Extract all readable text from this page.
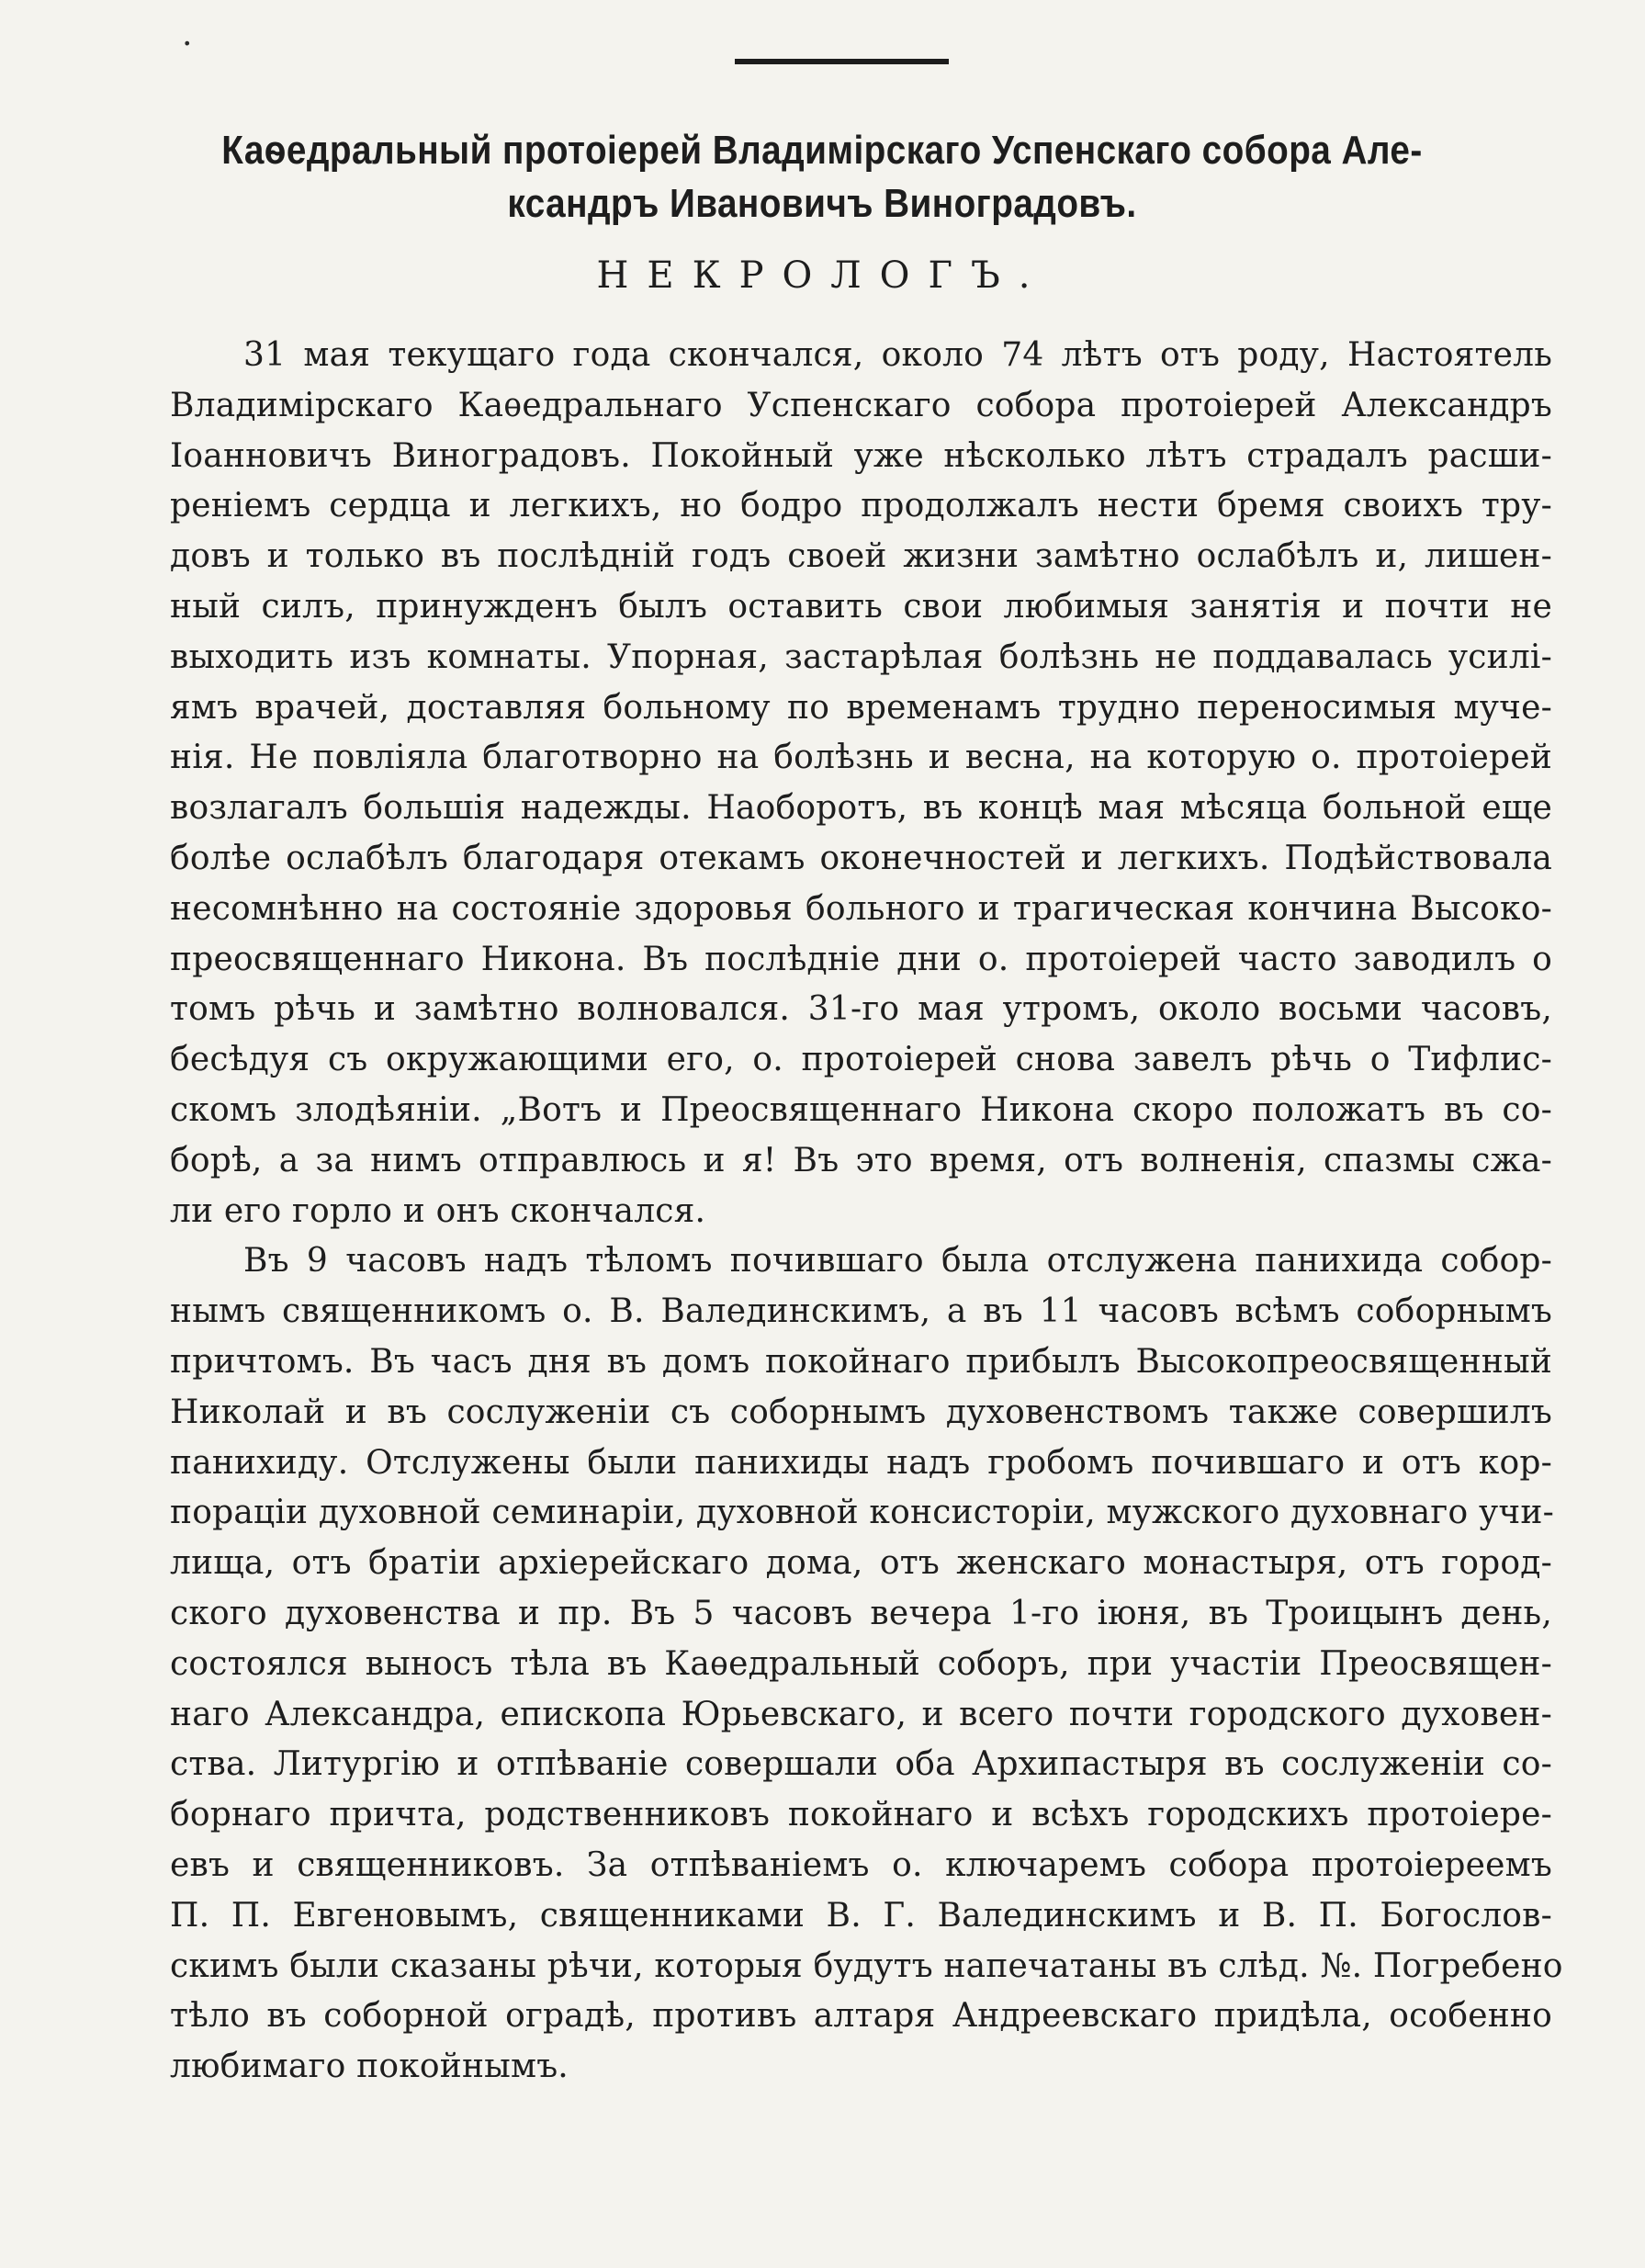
.
Каѳедральный протоіерей Владимірскаго Успенскаго собора Але-
ксандръ Ивановичъ Виноградовъ.
НЕКРОЛОГЪ.
31 мая текущаго года скончался, около 74 лѣтъ отъ роду, Настоятель
Владимірскаго Каѳедральнаго Успенскаго собора протоіерей Александръ
Іоанновичъ Виноградовъ. Покойный уже нѣсколько лѣтъ страдалъ расши-
реніемъ сердца и легкихъ, но бодро продолжалъ нести бремя своихъ тру-
довъ и только въ послѣдній годъ своей жизни замѣтно ослабѣлъ и, лишен-
ный силъ, принужденъ былъ оставить свои любимыя занятія и почти не
выходить изъ комнаты. Упорная, застарѣлая болѣзнь не поддавалась усилі-
ямъ врачей, доставляя больному по временамъ трудно переносимыя муче-
нія. Не повліяла благотворно на болѣзнь и весна, на которую о. протоіерей
возлагалъ большія надежды. Наоборотъ, въ концѣ мая мѣсяца больной еще
болѣе ослабѣлъ благодаря отекамъ оконечностей и легкихъ. Подѣйствовала
несомнѣнно на состояніе здоровья больного и трагическая кончина Высоко-
преосвященнаго Никона. Въ послѣдніе дни о. протоіерей часто заводилъ о
томъ рѣчь и замѣтно волновался. 31-го мая утромъ, около восьми часовъ,
бесѣдуя съ окружающими его, о. протоіерей снова завелъ рѣчь о Тифлис-
скомъ злодѣяніи. „Вотъ и Преосвященнаго Никона скоро положатъ въ со-
борѣ, а за нимъ отправлюсь и я! Въ это время, отъ волненія, спазмы сжа-
ли его горло и онъ скончался.
Въ 9 часовъ надъ тѣломъ почившаго была отслужена панихида собор-
нымъ священникомъ о. В. Валединскимъ, а въ 11 часовъ всѣмъ соборнымъ
причтомъ. Въ часъ дня въ домъ покойнаго прибылъ Высокопреосвященный
Николай и въ сослуженіи съ соборнымъ духовенствомъ также совершилъ
панихиду. Отслужены были панихиды надъ гробомъ почившаго и отъ кор-
пораціи духовной семинаріи, духовной консисторіи, мужского духовнаго учи-
лища, отъ братіи архіерейскаго дома, отъ женскаго монастыря, отъ город-
ского духовенства и пр. Въ 5 часовъ вечера 1-го іюня, въ Троицынъ день,
состоялся выносъ тѣла въ Каѳедральный соборъ, при участіи Преосвящен-
наго Александра, епископа Юрьевскаго, и всего почти городского духовен-
ства. Литургію и отпѣваніе совершали оба Архипастыря въ сослуженіи со-
борнаго причта, родственниковъ покойнаго и всѣхъ городскихъ протоіере-
евъ и священниковъ. За отпѣваніемъ о. ключаремъ собора протоіереемъ
П. П. Евгеновымъ, священниками В. Г. Валединскимъ и В. П. Богослов-
скимъ были сказаны рѣчи, которыя будутъ напечатаны въ слѣд. №. Погребено
тѣло въ соборной оградѣ, противъ алтаря Андреевскаго придѣла, особенно
любимаго покойнымъ.
